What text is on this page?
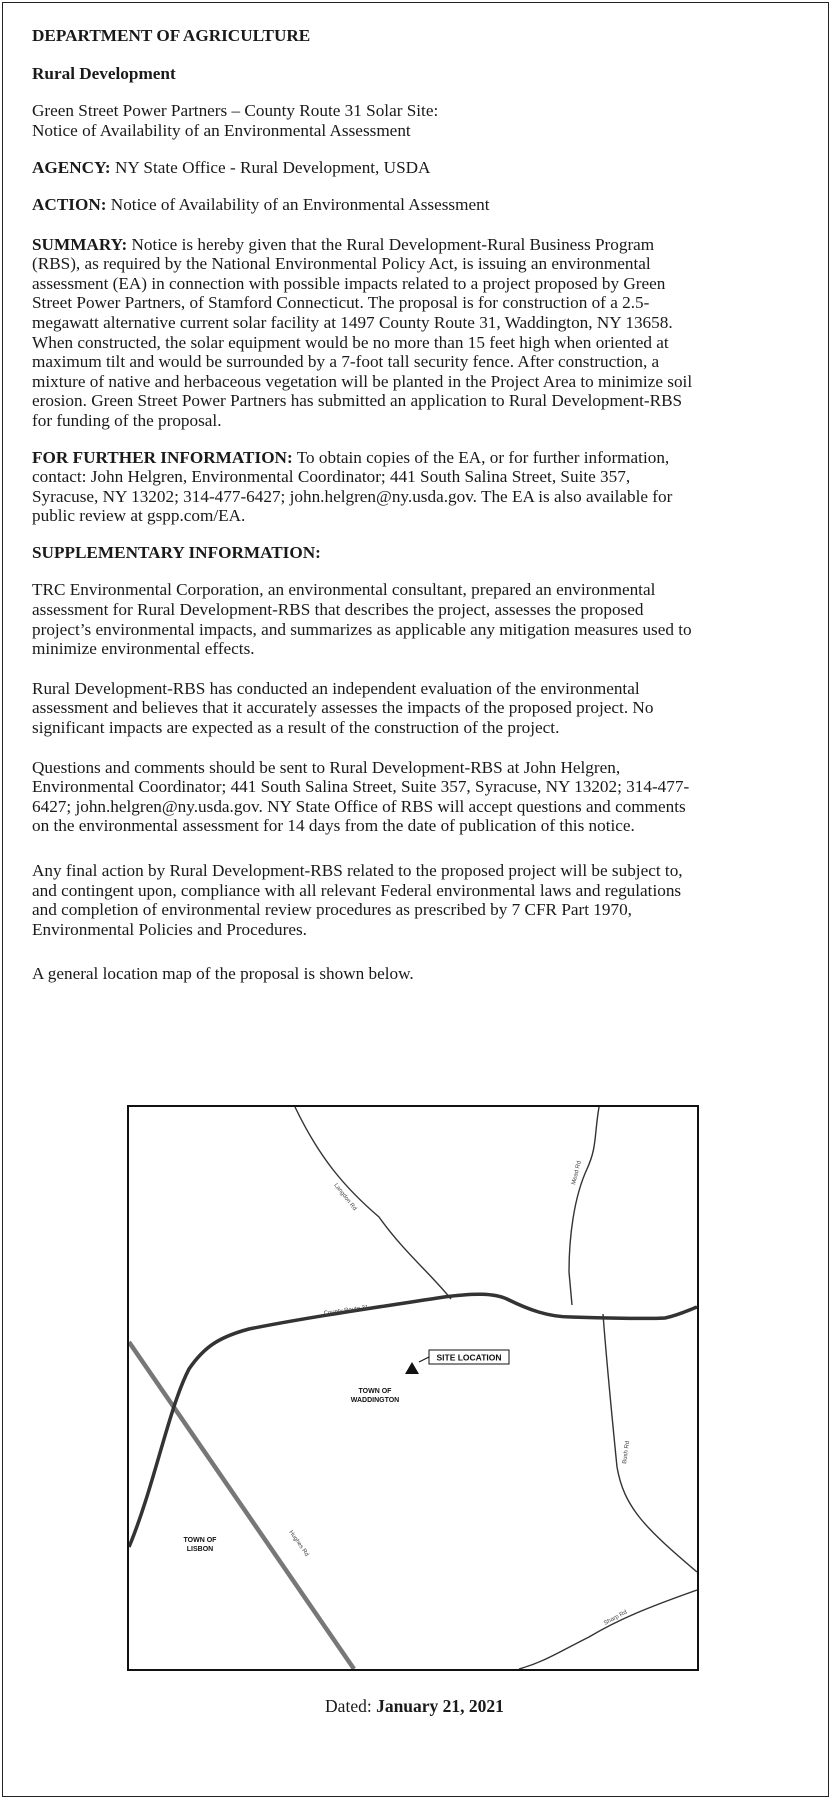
DEPARTMENT OF AGRICULTURE

Rural Development

Green Street Power Partners – County Route 31 Solar Site:

Notice of Availability of an Environmental Assessment

AGENCY: NY State Office - Rural Development, USDA

ACTION: Notice of Availability of an Environmental Assessment

SUMMARY: Notice is hereby given that the Rural Development-Rural Business Program

(RBS), as required by the National Environmental Policy Act, is issuing an environmental

assessment (EA) in connection with possible impacts related to a project proposed by Green

Street Power Partners, of Stamford Connecticut. The proposal is for construction of a 2.5-

megawatt alternative current solar facility at 1497 County Route 31, Waddington, NY 13658.

When constructed, the solar equipment would be no more than 15 feet high when oriented at

maximum tilt and would be surrounded by a 7-foot tall security fence. After construction, a

mixture of native and herbaceous vegetation will be planted in the Project Area to minimize soil

erosion. Green Street Power Partners has submitted an application to Rural Development-RBS

for funding of the proposal.

FOR FURTHER INFORMATION: To obtain copies of the EA, or for further information,

contact: John Helgren, Environmental Coordinator; 441 South Salina Street, Suite 357,

Syracuse, NY 13202; 314-477-6427; john.helgren@ny.usda.gov. The EA is also available for

public review at gspp.com/EA.

SUPPLEMENTARY INFORMATION:

TRC Environmental Corporation, an environmental consultant, prepared an environmental

assessment for Rural Development-RBS that describes the project, assesses the proposed

project’s environmental impacts, and summarizes as applicable any mitigation measures used to

minimize environmental effects.

Rural Development-RBS has conducted an independent evaluation of the environmental

assessment and believes that it accurately assesses the impacts of the proposed project. No

significant impacts are expected as a result of the construction of the project.

Questions and comments should be sent to Rural Development-RBS at John Helgren,

Environmental Coordinator; 441 South Salina Street, Suite 357, Syracuse, NY 13202; 314-477-

6427; john.helgren@ny.usda.gov. NY State Office of RBS will accept questions and comments

on the environmental assessment for 14 days from the date of publication of this notice.

Any final action by Rural Development-RBS related to the proposed project will be subject to,

and contingent upon, compliance with all relevant Federal environmental laws and regulations

and completion of environmental review procedures as prescribed by 7 CFR Part 1970,

Environmental Policies and Procedures.

A general location map of the proposal is shown below.

Langdon Rd
Mead Rd
County Route 31
Bush Rd
Sharp Rd
Hughes Rd
SITE LOCATION
TOWN OF
WADDINGTON
TOWN OF
LISBON
Dated: January 21, 2021
